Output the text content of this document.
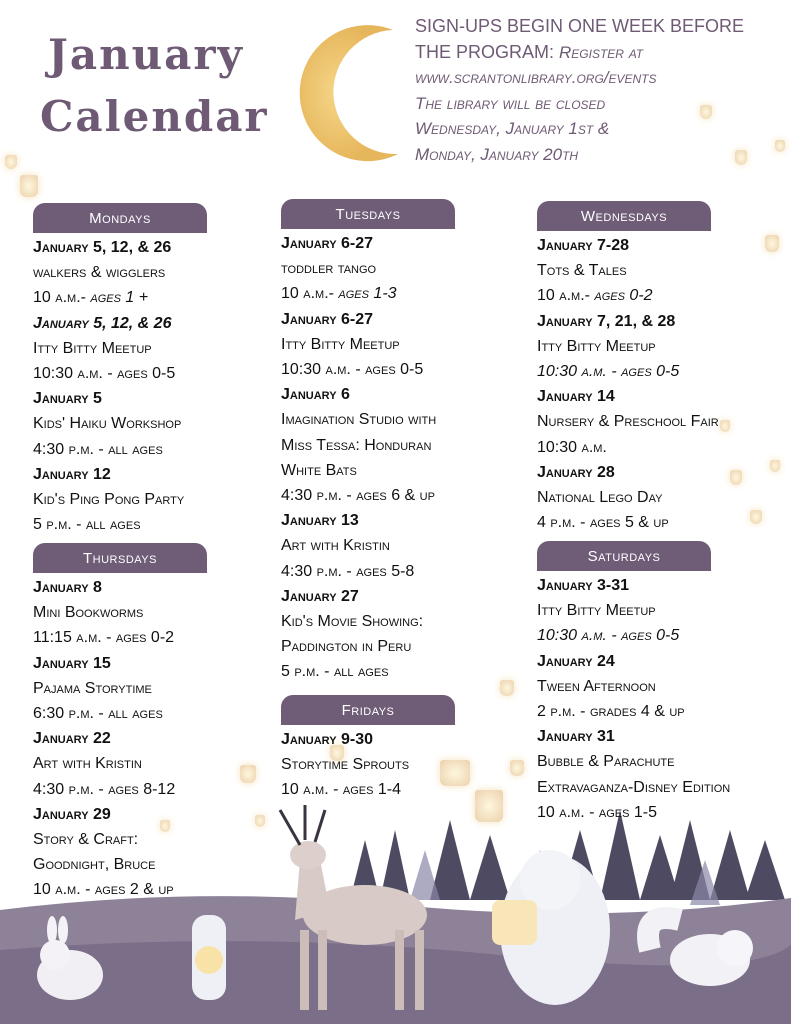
January
Calendar
SIGN-UPS BEGIN ONE WEEK BEFORE
THE PROGRAM: Register at
www.scrantonlibrary.org/events
The library will be closed
Wednesday, January 1st &
Monday, January 20th
Mondays
January 5, 12, & 26
walkers & wigglers
10 a.m.- ages 1 +
January 5, 12, & 26
Itty Bitty Meetup
10:30 a.m. - ages 0-5
January 5
Kids' Haiku Workshop
4:30 p.m. - all ages
January 12
Kid's Ping Pong Party
5 p.m. - all ages
Thursdays
January 8
Mini Bookworms
11:15 a.m. - ages 0-2
January 15
Pajama Storytime
6:30 p.m. - all ages
January 22
Art with Kristin
4:30 p.m. - ages 8-12
January 29
Story & Craft:
Goodnight, Bruce
10 a.m. - ages 2 & up
Tuesdays
January 6-27
toddler tango
10 a.m.- ages 1-3
January 6-27
Itty Bitty Meetup
10:30 a.m. - ages 0-5
January 6
Imagination Studio with
Miss Tessa: Honduran
White Bats
4:30 p.m. - ages 6 & up
January 13
Art with Kristin
4:30 p.m. - ages 5-8
January 27
Kid's Movie Showing:
Paddington in Peru
5 p.m. - all ages
Fridays
January 9-30
Storytime Sprouts
10 a.m. - ages 1-4
Wednesdays
January 7-28
Tots & Tales
10 a.m.- ages 0-2
January 7, 21, & 28
Itty Bitty Meetup
10:30 a.m. - ages 0-5
January 14
Nursery & Preschool Fair
10:30 a.m.
January 28
National Lego Day
4 p.m. - ages 5 & up
Saturdays
January 3-31
Itty Bitty Meetup
10:30 a.m. - ages 0-5
January 24
Tween Afternoon
2 p.m. - grades 4 & up
January 31
Bubble & Parachute
Extravaganza-Disney Edition
10 a.m. - ages 1-5
